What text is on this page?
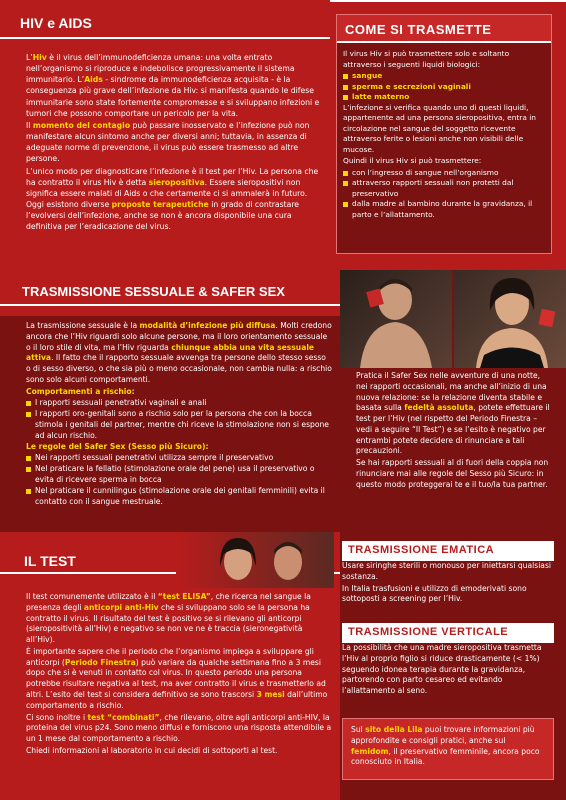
HIV e AIDS

L’Hiv è il virus dell’immunodeficienza umana: una volta entrato nell’organismo si riproduce e indebolisce progressivamente il sistema immunitario. L’Aids - sindrome da immunodeficienza acquisita - è la conseguenza più grave dell’infezione da Hiv: si manifesta quando le difese immunitarie sono state fortemente compromesse e si sviluppano infezioni e tumori che possono comportare un pericolo per la vita.

Il momento del contagio può passare inosservato e l’infezione può non manifestare alcun sintomo anche per diversi anni; tuttavia, in assenza di adeguate norme di prevenzione, il virus può essere trasmesso ad altre persone.

L’unico modo per diagnosticare l’infezione è il test per l’Hiv. La persona che ha contratto il virus Hiv è detta sieropositiva. Essere sieropositivi non significa essere malati di Aids o che certamente ci si ammalerà in futuro. Oggi esistono diverse proposte terapeutiche in grado di contrastare l’evolversi dell’infezione, anche se non è ancora disponibile una cura definitiva per l’eradicazione del virus.

COME SI TRASMETTE

Il virus Hiv si può trasmettere solo e soltanto attraverso i seguenti liquidi biologici:

sangue
sperma e secrezioni vaginali
latte materno

L’infezione si verifica quando uno di questi liquidi, appartenente ad una persona sieropositiva, entra in circolazione nel sangue del soggetto ricevente attraverso ferite o lesioni anche non visibili delle mucose.

Quindi il virus Hiv si può trasmettere:

con l’ingresso di sangue nell’organismo
attraverso rapporti sessuali non protetti dal preservativo
dalla madre al bambino durante la gravidanza, il parto e l’allattamento.
TRASMISSIONE SESSUALE & SAFER SEX

La trasmissione sessuale è la modalità d’infezione più diffusa. Molti credono ancora che l’Hiv riguardi solo alcune persone, ma il loro orientamento sessuale o il loro stile di vita, ma l’Hiv riguarda chiunque abbia una vita sessuale attiva. Il fatto che il rapporto sessuale avvenga tra persone dello stesso sesso o di sesso diverso, o che sia più o meno occasionale, non cambia nulla: a rischio sono solo alcuni comportamenti.

Comportamenti a rischio:

I rapporti sessuali penetrativi vaginali e anali
I rapporti oro-genitali sono a rischio solo per la persona che con la bocca stimola i genitali del partner, mentre chi riceve la stimolazione non si espone ad alcun rischio.

Le regole del Safer Sex (Sesso più Sicuro):

Nei rapporti sessuali penetrativi utilizza sempre il preservativo
Nel praticare la fellatio (stimolazione orale del pene) usa il preservativo o evita di ricevere sperma in bocca
Nel praticare il cunnilingus (stimolazione orale dei genitali femminili) evita il contatto con il sangue mestruale.

Pratica il Safer Sex nelle avventure di una notte, nei rapporti occasionali, ma anche all’inizio di una nuova relazione: se la relazione diventa stabile e basata sulla fedeltà assoluta, potete effettuare il test per l’Hiv (nel rispetto del Periodo Finestra – vedi a seguire “Il Test”) e se l’esito è negativo per entrambi potete decidere di rinunciare a tali precauzioni.

Se hai rapporti sessuali al di fuori della coppia non rinunciare mai alle regole del Sesso più Sicuro: in questo modo proteggerai te e il tuo/la tua partner.

IL TEST

Il test comunemente utilizzato è il “test ELISA”, che ricerca nel sangue la presenza degli anticorpi anti-Hiv che si sviluppano solo se la persona ha contratto il virus. Il risultato del test è positivo se si rilevano gli anticorpi (sieropositività all’Hiv) e negativo se non ve ne è traccia (sieronegatività all’Hiv).

È importante sapere che il periodo che l’organismo impiega a sviluppare gli anticorpi (Periodo Finestra) può variare da qualche settimana fino a 3 mesi dopo che si è venuti in contatto col virus. In questo periodo una persona potrebbe risultare negativa al test, ma aver contratto il virus e trasmetterlo ad altri. L’esito del test si considera definitivo se sono trascorsi 3 mesi dall’ultimo comportamento a rischio.

Ci sono inoltre i test “combinati”, che rilevano, oltre agli anticorpi anti-HIV, la proteina del virus p24. Sono meno diffusi e forniscono una risposta attendibile a un 1 mese dal comportamento a rischio.

Chiedi informazioni al laboratorio in cui decidi di sottoporti al test.

TRASMISSIONE EMATICA

Usare siringhe sterili o monouso per iniettarsi qualsiasi sostanza.

In Italia trasfusioni e utilizzo di emoderivati sono sottoposti a screening per l’Hiv.

TRASMISSIONE VERTICALE

La possibilità che una madre sieropositiva trasmetta l’Hiv al proprio figlio si riduce drasticamente (< 1%) seguendo idonea terapia durante la gravidanza, partorendo con parto cesareo ed evitando l’allattamento al seno.

Sul sito della Lila puoi trovare informazioni più approfondite e consigli pratici, anche sul femidom, il preservativo femminile, ancora poco conosciuto in Italia.
